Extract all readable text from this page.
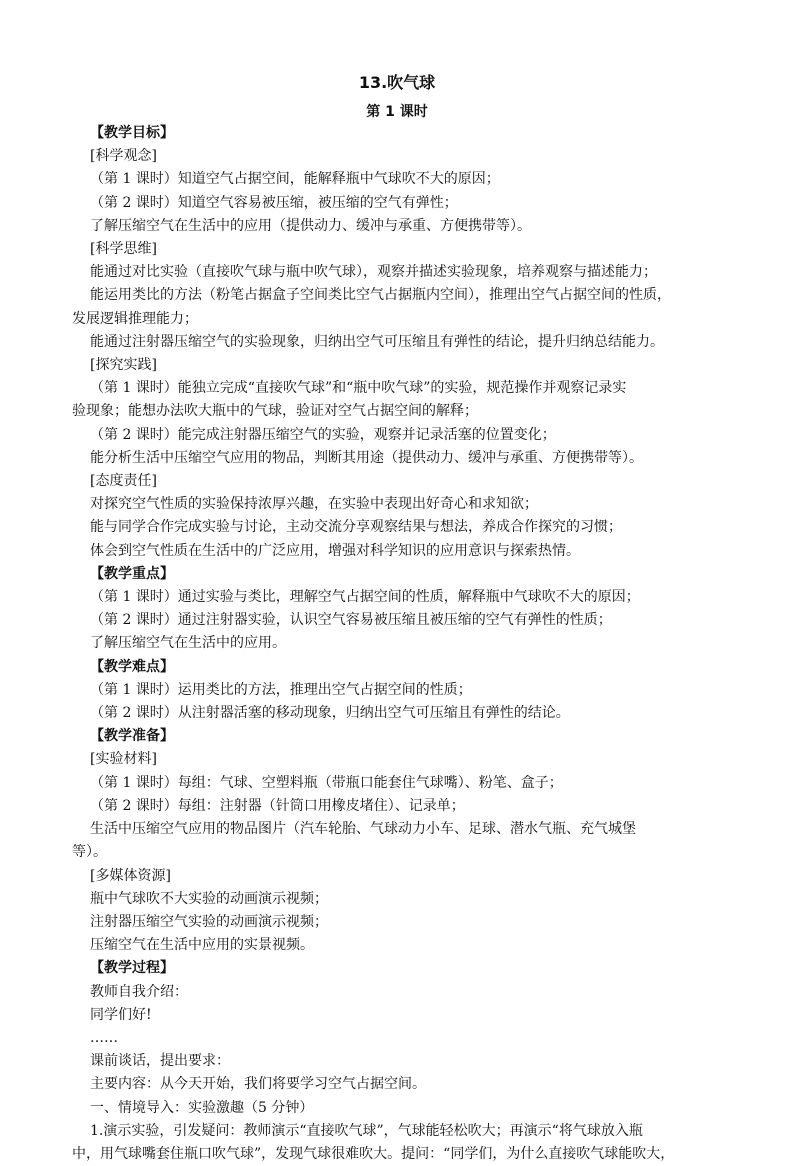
13.吹气球
第 1 课时

【教学目标】

[科学观念]

（第 1 课时）知道空气占据空间，能解释瓶中气球吹不大的原因；

（第 2 课时）知道空气容易被压缩，被压缩的空气有弹性；

了解压缩空气在生活中的应用（提供动力、缓冲与承重、方便携带等）。

[科学思维]

能通过对比实验（直接吹气球与瓶中吹气球），观察并描述实验现象，培养观察与描述能力；

能运用类比的方法（粉笔占据盒子空间类比空气占据瓶内空间），推理出空气占据空间的性质，
发展逻辑推理能力；

能通过注射器压缩空气的实验现象，归纳出空气可压缩且有弹性的结论，提升归纳总结能力。

[探究实践]

（第 1 课时）能独立完成“直接吹气球”和“瓶中吹气球”的实验，规范操作并观察记录实
验现象；能想办法吹大瓶中的气球，验证对空气占据空间的解释；

（第 2 课时）能完成注射器压缩空气的实验，观察并记录活塞的位置变化；

能分析生活中压缩空气应用的物品，判断其用途（提供动力、缓冲与承重、方便携带等）。

[态度责任]

对探究空气性质的实验保持浓厚兴趣，在实验中表现出好奇心和求知欲；

能与同学合作完成实验与讨论，主动交流分享观察结果与想法，养成合作探究的习惯；

体会到空气性质在生活中的广泛应用，增强对科学知识的应用意识与探索热情。

【教学重点】

（第 1 课时）通过实验与类比，理解空气占据空间的性质，解释瓶中气球吹不大的原因；

（第 2 课时）通过注射器实验，认识空气容易被压缩且被压缩的空气有弹性的性质；

了解压缩空气在生活中的应用。

【教学难点】

（第 1 课时）运用类比的方法，推理出空气占据空间的性质；

（第 2 课时）从注射器活塞的移动现象，归纳出空气可压缩且有弹性的结论。

【教学准备】

[实验材料]

（第 1 课时）每组：气球、空塑料瓶（带瓶口能套住气球嘴）、粉笔、盒子；

（第 2 课时）每组：注射器（针筒口用橡皮堵住）、记录单；

生活中压缩空气应用的物品图片（汽车轮胎、气球动力小车、足球、潜水气瓶、充气城堡
等）。

[多媒体资源]

瓶中气球吹不大实验的动画演示视频；

注射器压缩空气实验的动画演示视频；

压缩空气在生活中应用的实景视频。

【教学过程】

教师自我介绍：

同学们好!

……

课前谈话，提出要求：

主要内容：从今天开始，我们将要学习空气占据空间。

一、情境导入：实验激趣（5 分钟）

1.演示实验，引发疑问：教师演示“直接吹气球”，气球能轻松吹大；再演示“将气球放入瓶
中，用气球嘴套住瓶口吹气球”，发现气球很难吹大。提问：“同学们，为什么直接吹气球能吹大，
